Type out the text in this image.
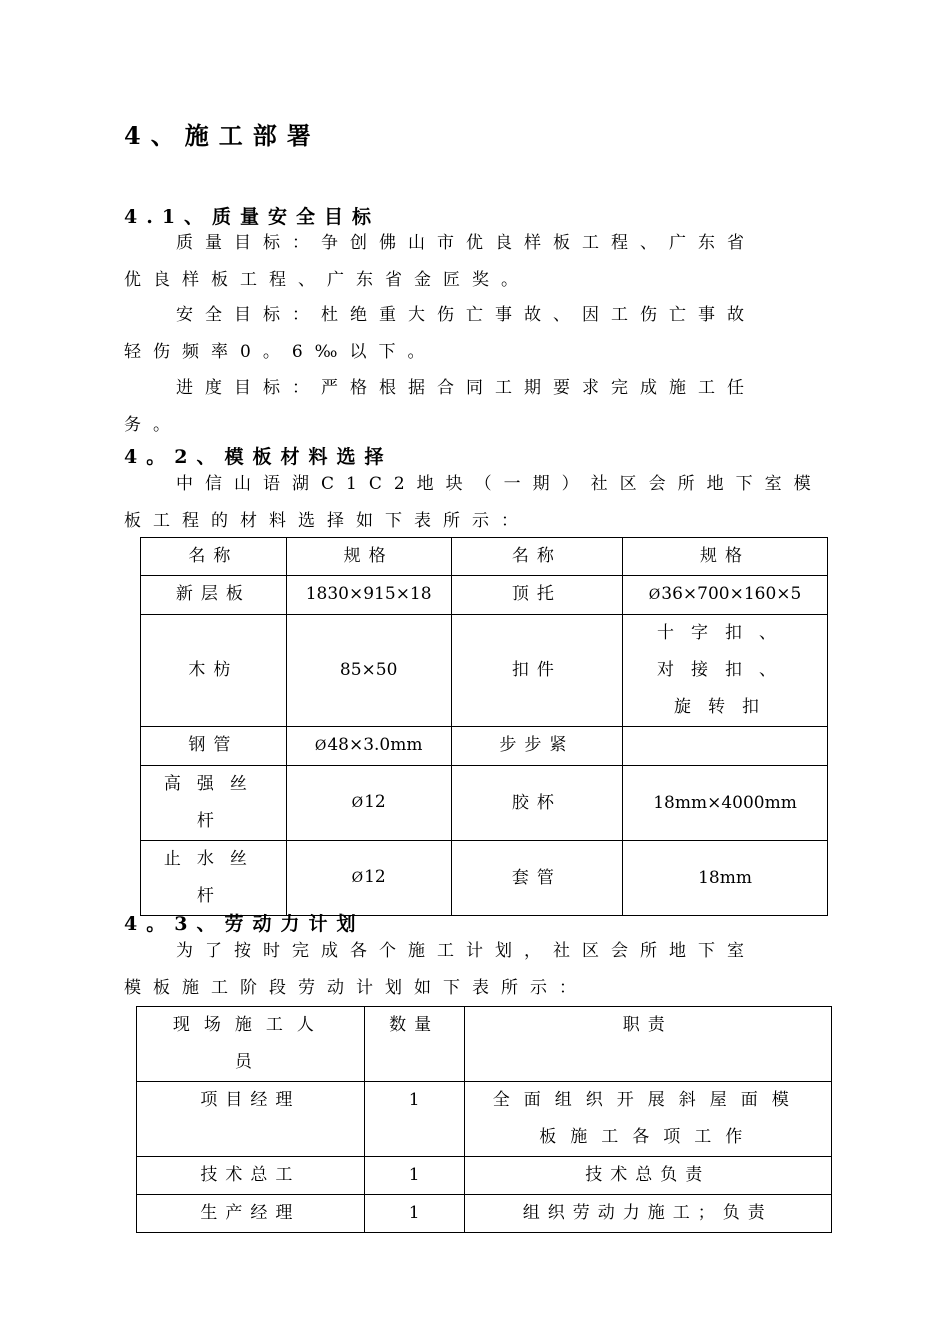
4、施工部署
4.1、质量安全目标
质量目标：争创佛山市优良样板工程、广东省
优良样板工程、广东省金匠奖。
安全目标：杜绝重大伤亡事故、因工伤亡事故
轻伤频率0。6‰以下。
进度目标：严格根据合同工期要求完成施工任
务。
4。2、模板材料选择
中信山语湖C1C2地块（一期）社区会所地下室模
板工程的材料选择如下表所示：
名称	规格	名称	规格
新层板	1830×915×18	顶托	Ø36×700×160×5
木枋	85×50	扣件	十字扣、对接扣、旋转扣
钢管	Ø48×3.0mm	步步紧	
高强丝杆	Ø12	胶杯	18mm×4000mm
止水丝杆	Ø12	套管	18mm
4。3、劳动力计划
为了按时完成各个施工计划，社区会所地下室
模板施工阶段劳动计划如下表所示：
现场施工人员	数量	职责
项目经理	1	全面组织开展斜屋面模板施工各项工作
技术总工	1	技术总负责
生产经理	1	组织劳动力施工；负责
